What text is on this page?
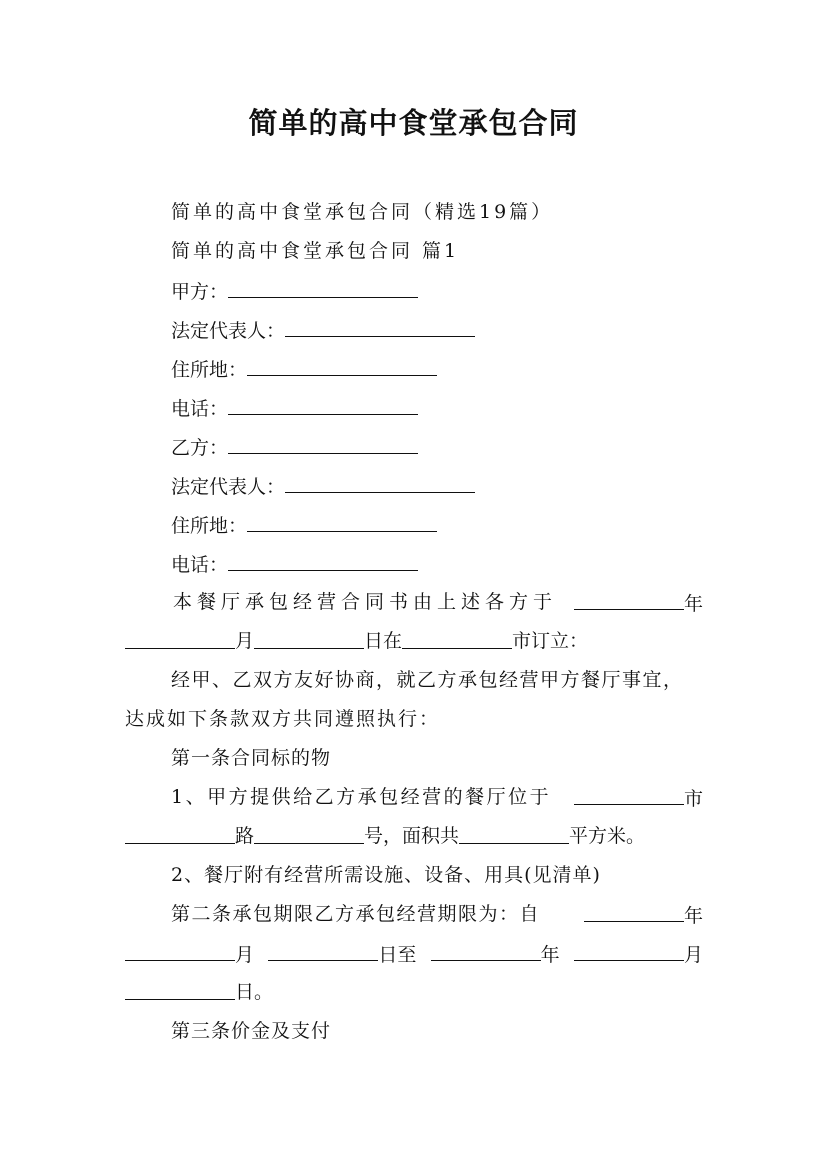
简单的高中食堂承包合同
简单的高中食堂承包合同（精选19篇）
简单的高中食堂承包合同 篇1
甲方：
法定代表人：
住所地：
电话：
乙方：
法定代表人：
住所地：
电话：
本餐厅承包经营合同书由上述各方于	年
月	日在	市订立：
经甲、乙双方友好协商，就乙方承包经营甲方餐厅事宜，
达成如下条款双方共同遵照执行：
第一条合同标的物
1、甲方提供给乙方承包经营的餐厅位于	市
路	号，面积共	平方米。
2、餐厅附有经营所需设施、设备、用具(见清单)
第二条承包期限乙方承包经营期限为：自	年
月	日至	年	月
日。
第三条价金及支付
